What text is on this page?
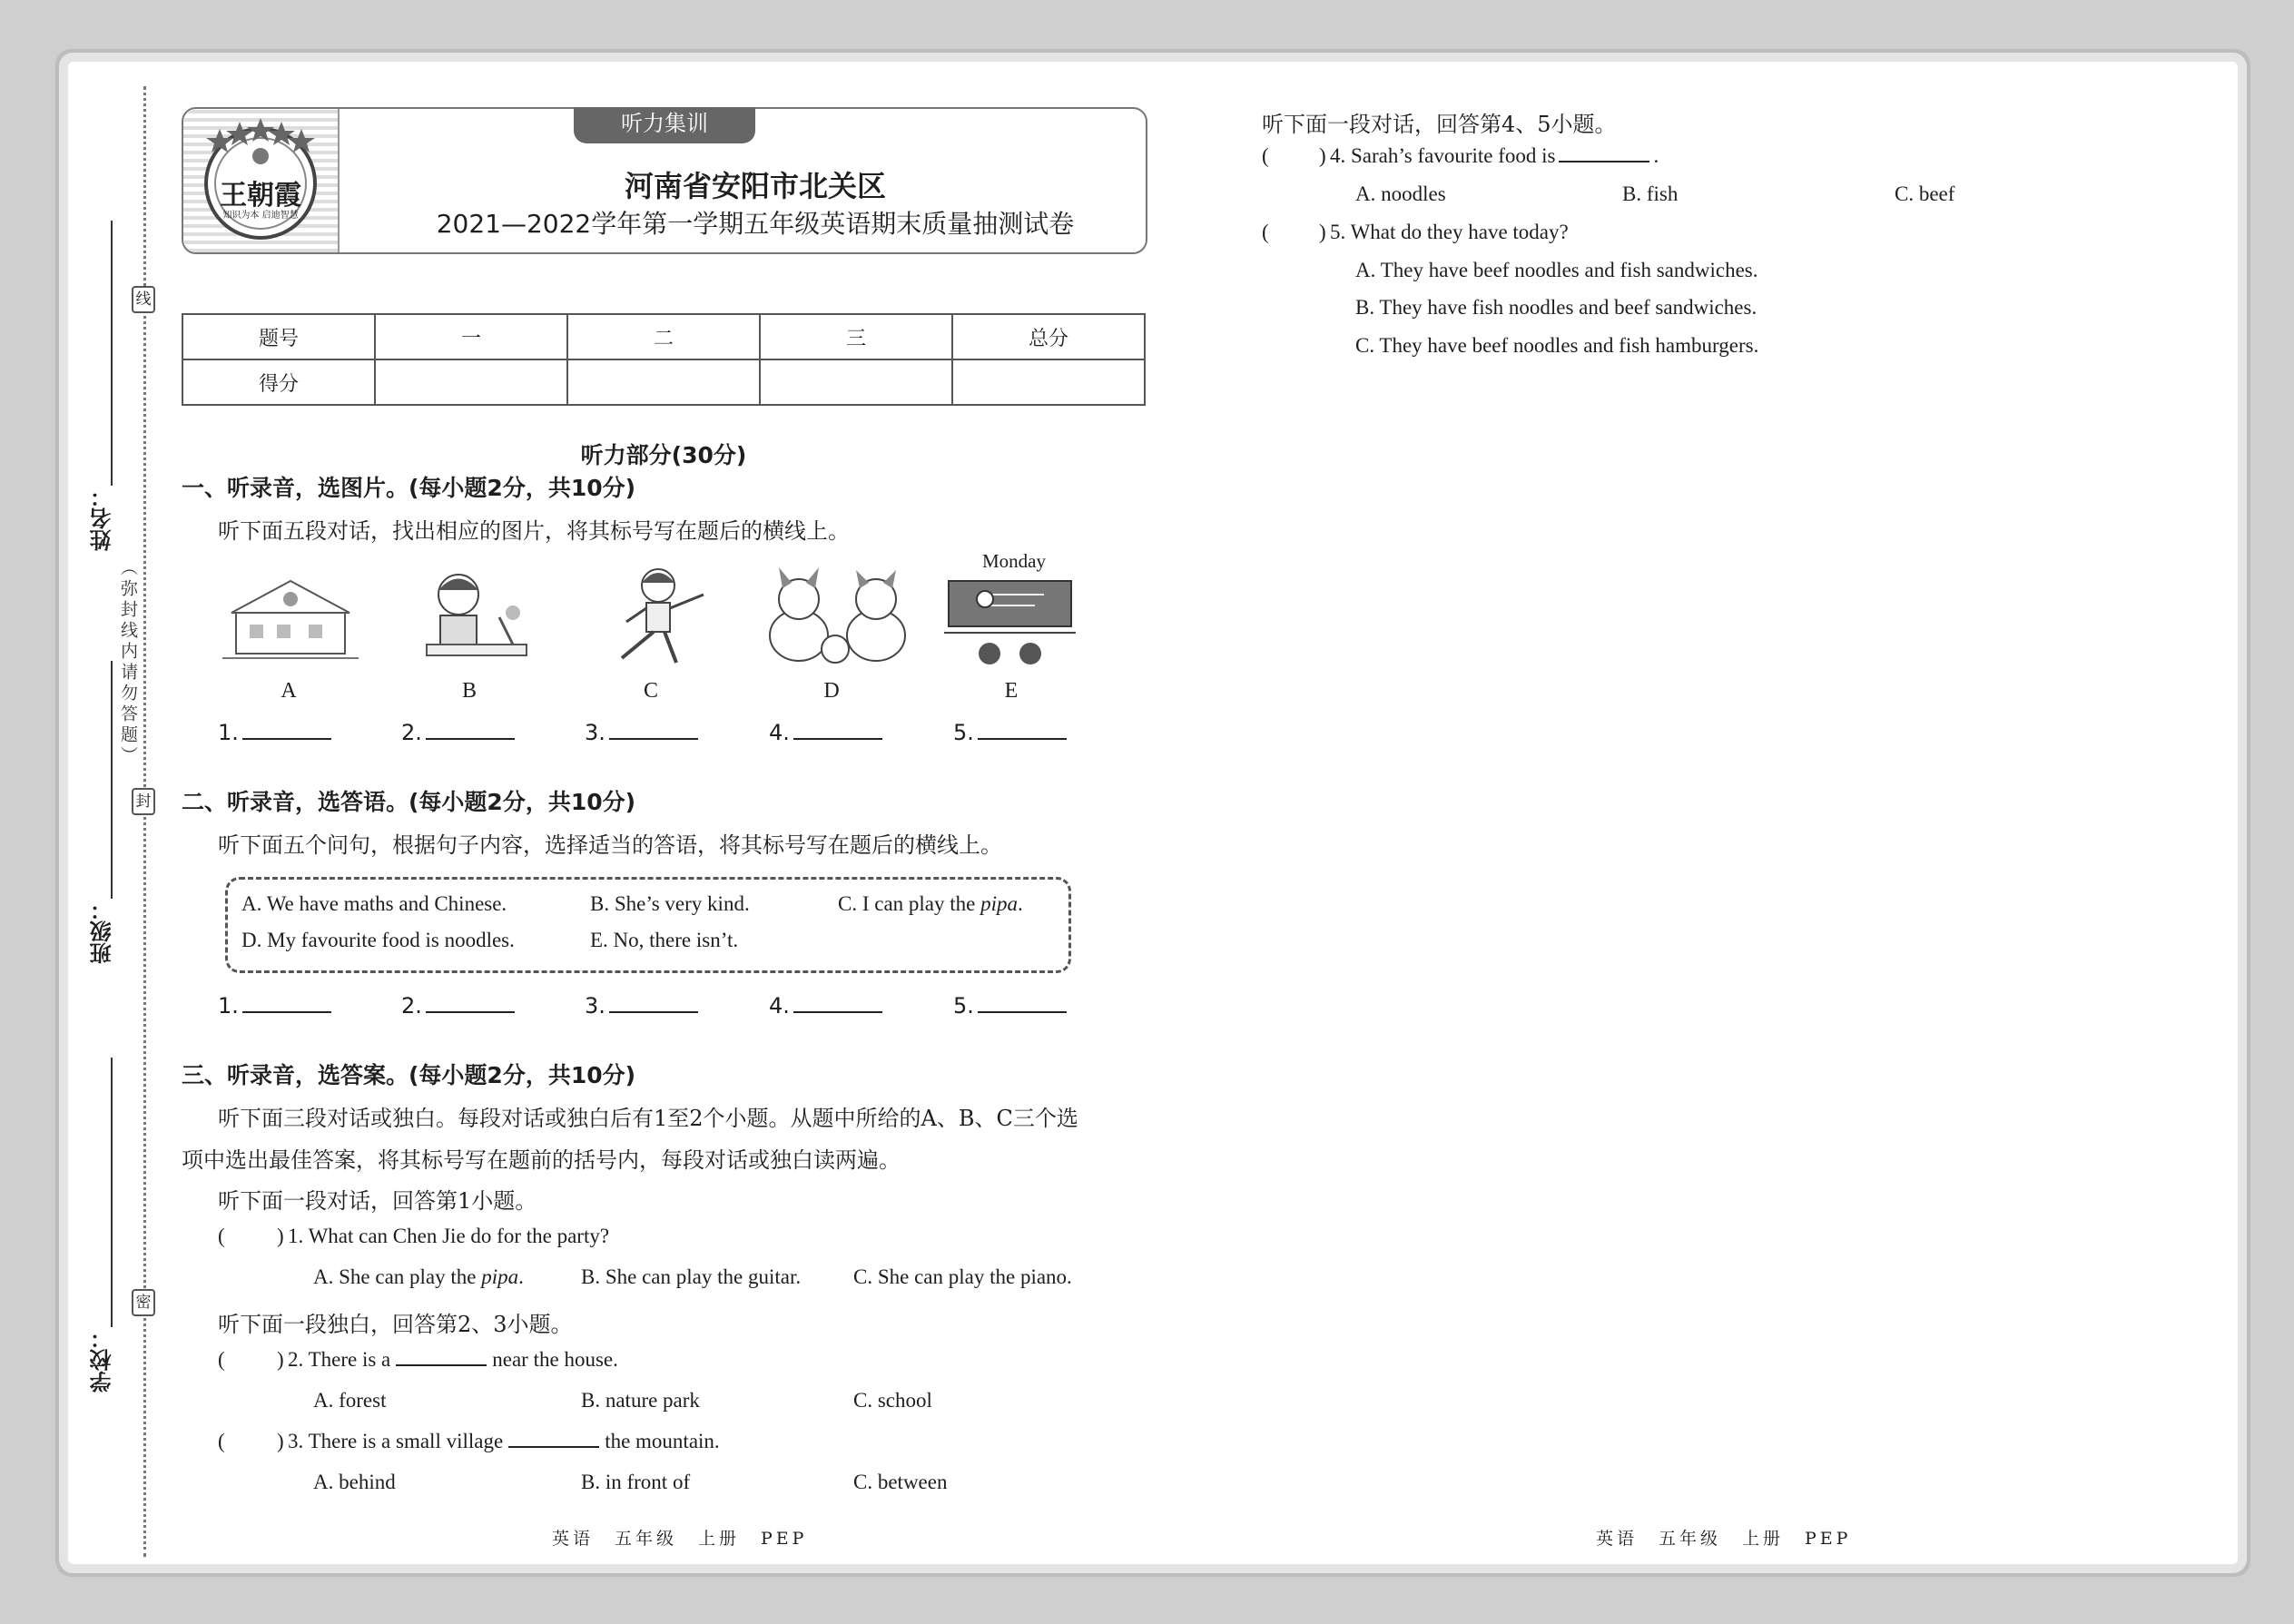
线
封
密
（弥封线内请勿答题）
姓名：
班级：
学校：
王朝霞
知识为本 启迪智慧
听力集训
河南省安阳市北关区
2021—2022学年第一学期五年级英语期末质量抽测试卷
题号	一	二	三	总分
得分				
听力部分(30分)
一、听录音，选图片。(每小题2分，共10分)
听下面五段对话，找出相应的图片，将其标号写在题后的横线上。
Monday
A	B	C	D	E
1.	2.	3.	4.	5.
二、听录音，选答语。(每小题2分，共10分)
听下面五个问句，根据句子内容，选择适当的答语，将其标号写在题后的横线上。
A. We have maths and Chinese.	B. She’s very kind.	C. I can play the pipa.
D. My favourite food is noodles.	E. No, there isn’t.
1.	2.	3.	4.	5.
三、听录音，选答案。(每小题2分，共10分)
听下面三段对话或独白。每段对话或独白后有1至2个小题。从题中所给的A、B、C三个选
项中选出最佳答案，将其标号写在题前的括号内，每段对话或独白读两遍。
听下面一段对话，回答第1小题。
( ) 1. What can Chen Jie do for the party?
A. She can play the pipa.	B. She can play the guitar.	C. She can play the piano.
听下面一段独白，回答第2、3小题。
( ) 2. There is a	near the house.
A. forest	B. nature park	C. school
( ) 3. There is a small village	the mountain.
A. behind	B. in front of	C. between
听下面一段对话，回答第4、5小题。
( ) 4. Sarah’s favourite food is	.
A. noodles	B. fish	C. beef
( ) 5. What do they have today?
A. They have beef noodles and fish sandwiches.
B. They have fish noodles and beef sandwiches.
C. They have beef noodles and fish hamburgers.
英语　五年级　上册　PEP	英语　五年级　上册　PEP
